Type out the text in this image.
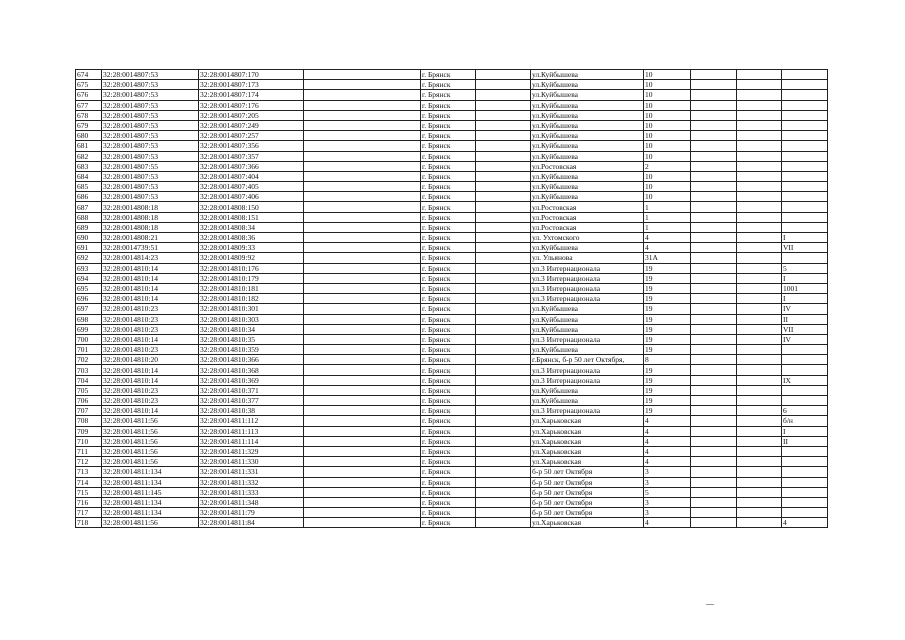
674	32:28:0014807:53	32:28:0014807:170		г. Брянск		ул.Куйбышева	10			
675	32:28:0014807:53	32:28:0014807:173		г. Брянск		ул.Куйбышева	10			
676	32:28:0014807:53	32:28:0014807:174		г. Брянск		ул.Куйбышева	10			
677	32:28:0014807:53	32:28:0014807:176		г. Брянск		ул.Куйбышева	10			
678	32:28:0014807:53	32:28:0014807:205		г. Брянск		ул.Куйбышева	10			
679	32:28:0014807:53	32:28:0014807:249		г. Брянск		ул.Куйбышева	10			
680	32:28:0014807:53	32:28:0014807:257		г. Брянск		ул.Куйбышева	10			
681	32:28:0014807:53	32:28:0014807:356		г. Брянск		ул.Куйбышева	10			
682	32:28:0014807:53	32:28:0014807:357		г. Брянск		ул.Куйбышева	10			
683	32:28:0014807:55	32:28:0014807:366		г. Брянск		ул.Ростовская	2			
684	32:28:0014807:53	32:28:0014807:404		г. Брянск		ул.Куйбышева	10			
685	32:28:0014807:53	32:28:0014807:405		г. Брянск		ул.Куйбышева	10			
686	32:28:0014807:53	32:28:0014807:406		г. Брянск		ул.Куйбышева	10			
687	32:28:0014808:18	32:28:0014808:150		г. Брянск		ул.Ростовская	1			
688	32:28:0014808:18	32:28:0014808:151		г. Брянск		ул.Ростовская	1			
689	32:28:0014808:18	32:28:0014808:34		г. Брянск		ул.Ростовская	1			
690	32:28:0014808:21	32:28:0014808:36		г. Брянск		ул. Ухтомского	4			I
691	32:28:0014739:51	32:28:0014809:33		г. Брянск		ул.Куйбышева	4			VII
692	32:28:0014814:23	32:28:0014809:92		г. Брянск		ул. Ульянова	31А			
693	32:28:0014810:14	32:28:0014810:176		г. Брянск		ул.3 Интернационала	19			5
694	32:28:0014810:14	32:28:0014810:179		г. Брянск		ул.3 Интернационала	19			I
695	32:28:0014810:14	32:28:0014810:181		г. Брянск		ул.3 Интернационала	19			1001
696	32:28:0014810:14	32:28:0014810:182		г. Брянск		ул.3 Интернационала	19			I
697	32:28:0014810:23	32:28:0014810:301		г. Брянск		ул.Куйбышева	19			IV
698	32:28:0014810:23	32:28:0014810:303		г. Брянск		ул.Куйбышева	19			II
699	32:28:0014810:23	32:28:0014810:34		г. Брянск		ул.Куйбышева	19			VII
700	32:28:0014810:14	32:28:0014810:35		г. Брянск		ул.3 Интернационала	19			IV
701	32:28:0014810:23	32:28:0014810:359		г. Брянск		ул.Куйбышева	19			
702	32:28:0014810:20	32:28:0014810:366		г. Брянск		г.Брянск, б-р 50 лет Октября,	8			
703	32:28:0014810:14	32:28:0014810:368		г. Брянск		ул.3 Интернационала	19			
704	32:28:0014810:14	32:28:0014810:369		г. Брянск		ул.3 Интернационала	19			IX
705	32:28:0014810:23	32:28:0014810:371		г. Брянск		ул.Куйбышева	19			
706	32:28:0014810:23	32:28:0014810:377		г. Брянск		ул.Куйбышева	19			
707	32:28:0014810:14	32:28:0014810:38		г. Брянск		ул.3 Интернационала	19			6
708	32:28:0014811:56	32:28:0014811:112		г. Брянск		ул.Харьковская	4			б/н
709	32:28:0014811:56	32:28:0014811:113		г. Брянск		ул.Харьковская	4			I
710	32:28:0014811:56	32:28:0014811:114		г. Брянск		ул.Харьковская	4			II
711	32:28:0014811:56	32:28:0014811:329		г. Брянск		ул.Харьковская	4			
712	32:28:0014811:56	32:28:0014811:330		г. Брянск		ул.Харьковская	4			
713	32:28:0014811:134	32:28:0014811:331		г. Брянск		б-р 50 лет Октября	3			
714	32:28:0014811:134	32:28:0014811:332		г. Брянск		б-р 50 лет Октября	3			
715	32:28:0014811:145	32:28:0014811:333		г. Брянск		б-р 50 лет Октября	5			
716	32:28:0014811:134	32:28:0014811:348		г. Брянск		б-р 50 лет Октября	3			
717	32:28:0014811:134	32:28:0014811:79		г. Брянск		б-р 50 лет Октября	3			
718	32:28:0014811:56	32:28:0014811:84		г. Брянск		ул.Харьковская	4			4
